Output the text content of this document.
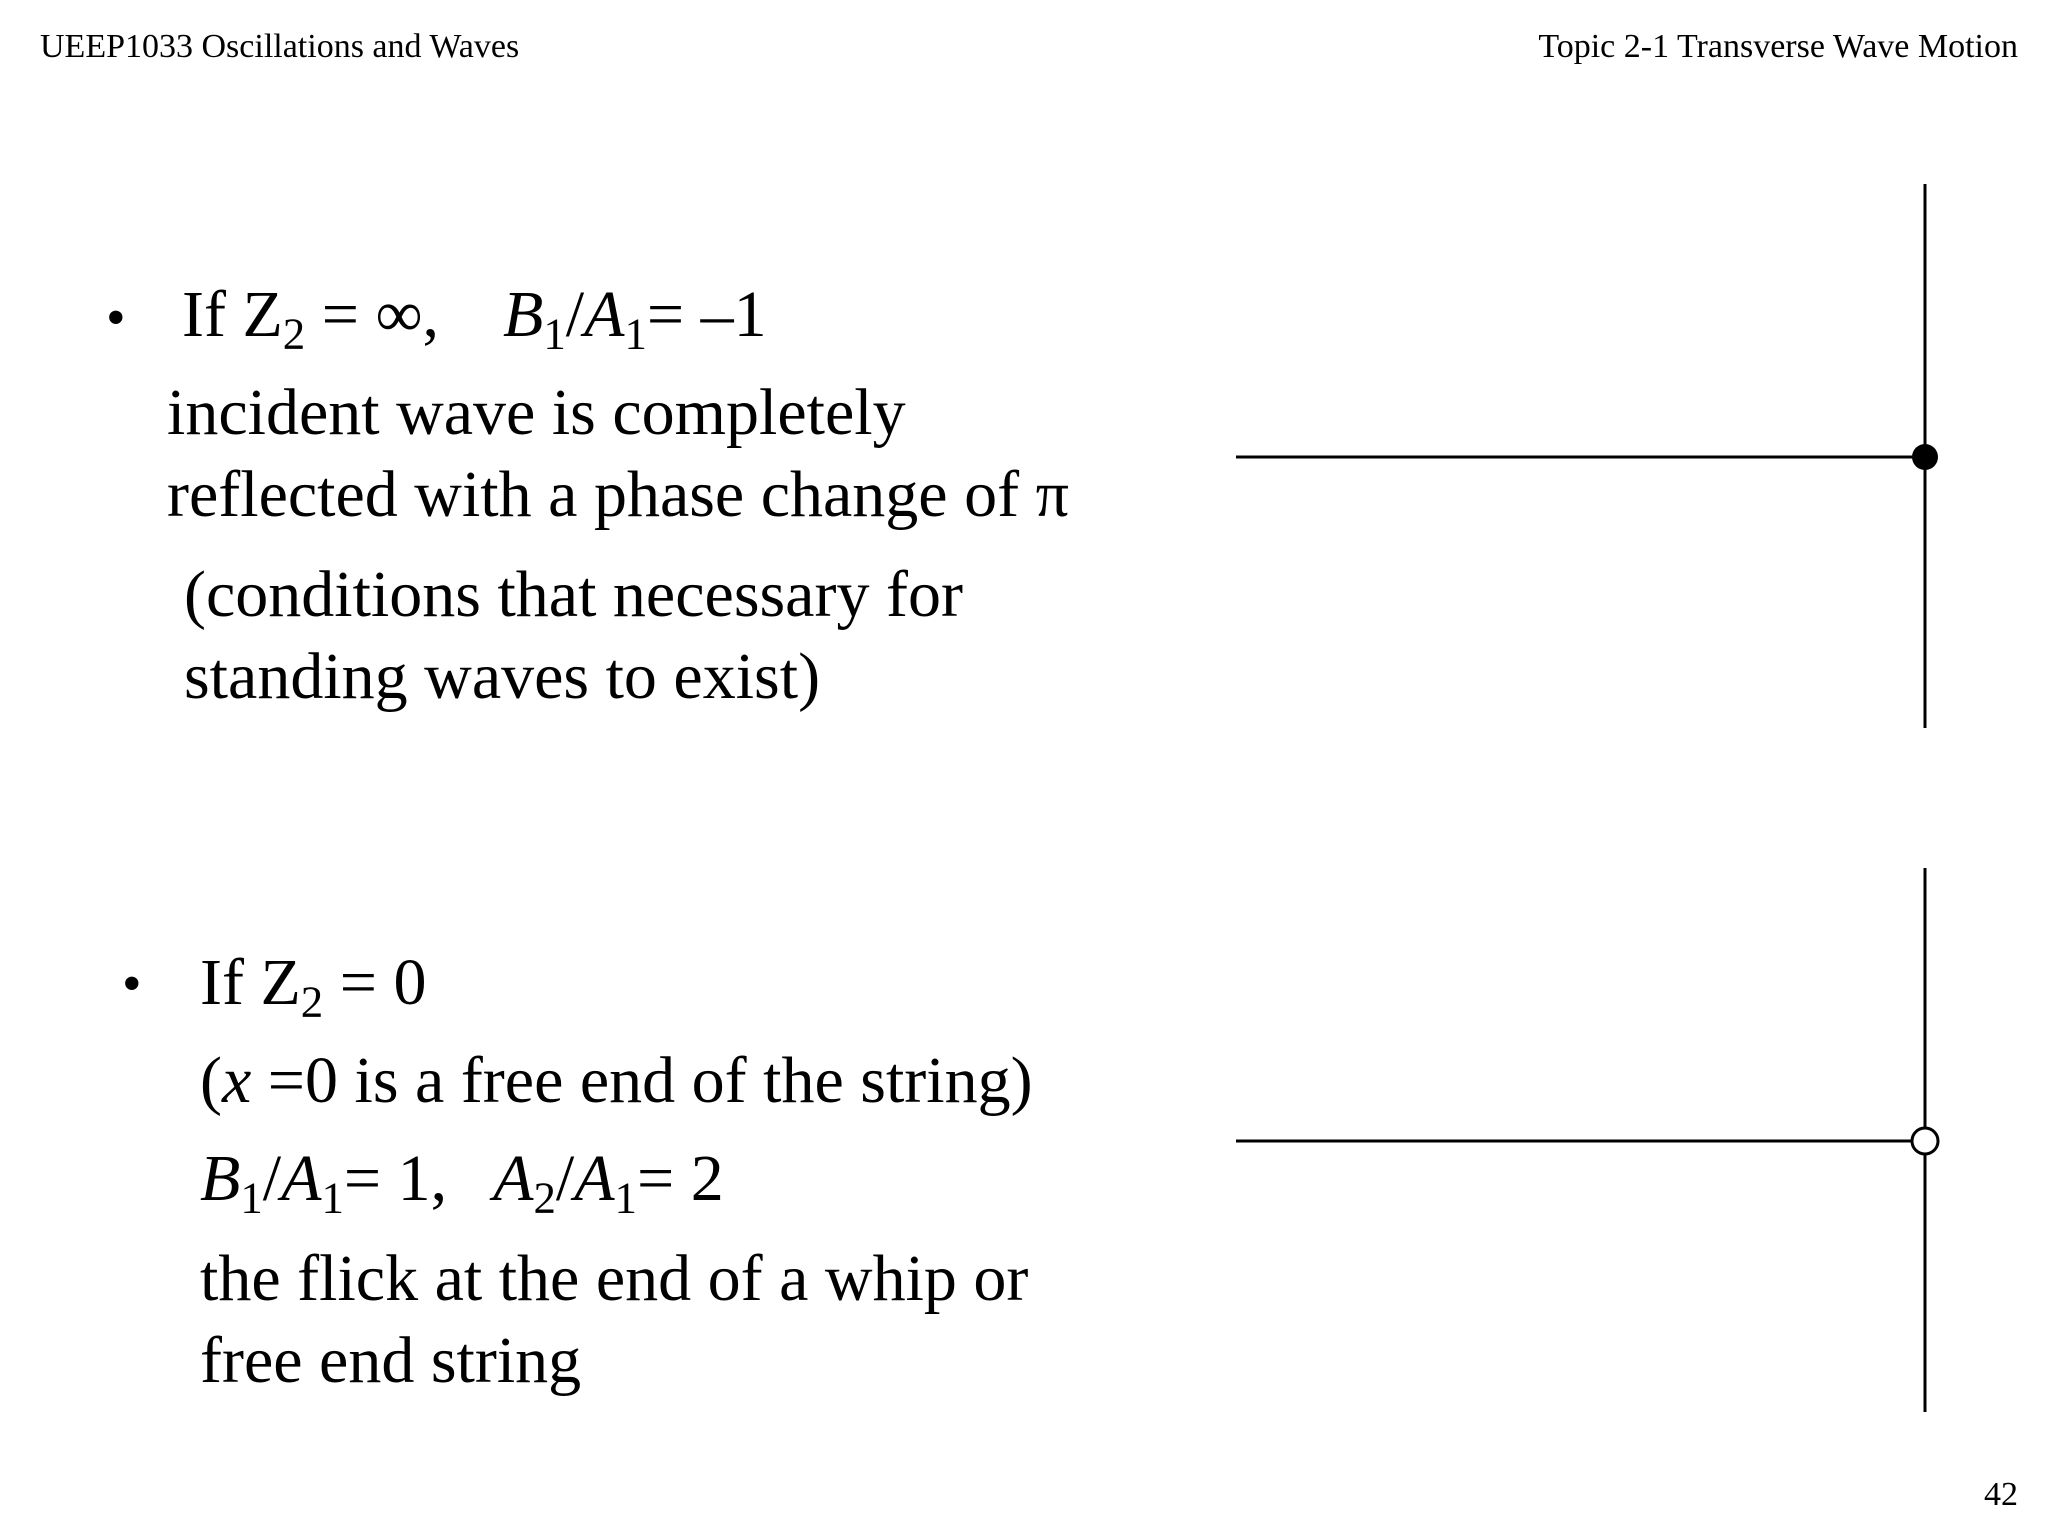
UEEP1033 Oscillations and Waves	Topic 2-1 Transverse Wave Motion
• If $Z_2$ = ∞, $B_1/A_1= -1$
incident wave is completely
reflected with a phase change of π
(conditions that necessary for
standing waves to exist)
• If $Z_2 = 0$
(x =0 is a free end of the string)
$B_1/A_1= 1$, $A_2/A_1= 2$
the flick at the end of a whip or
free end string
42
